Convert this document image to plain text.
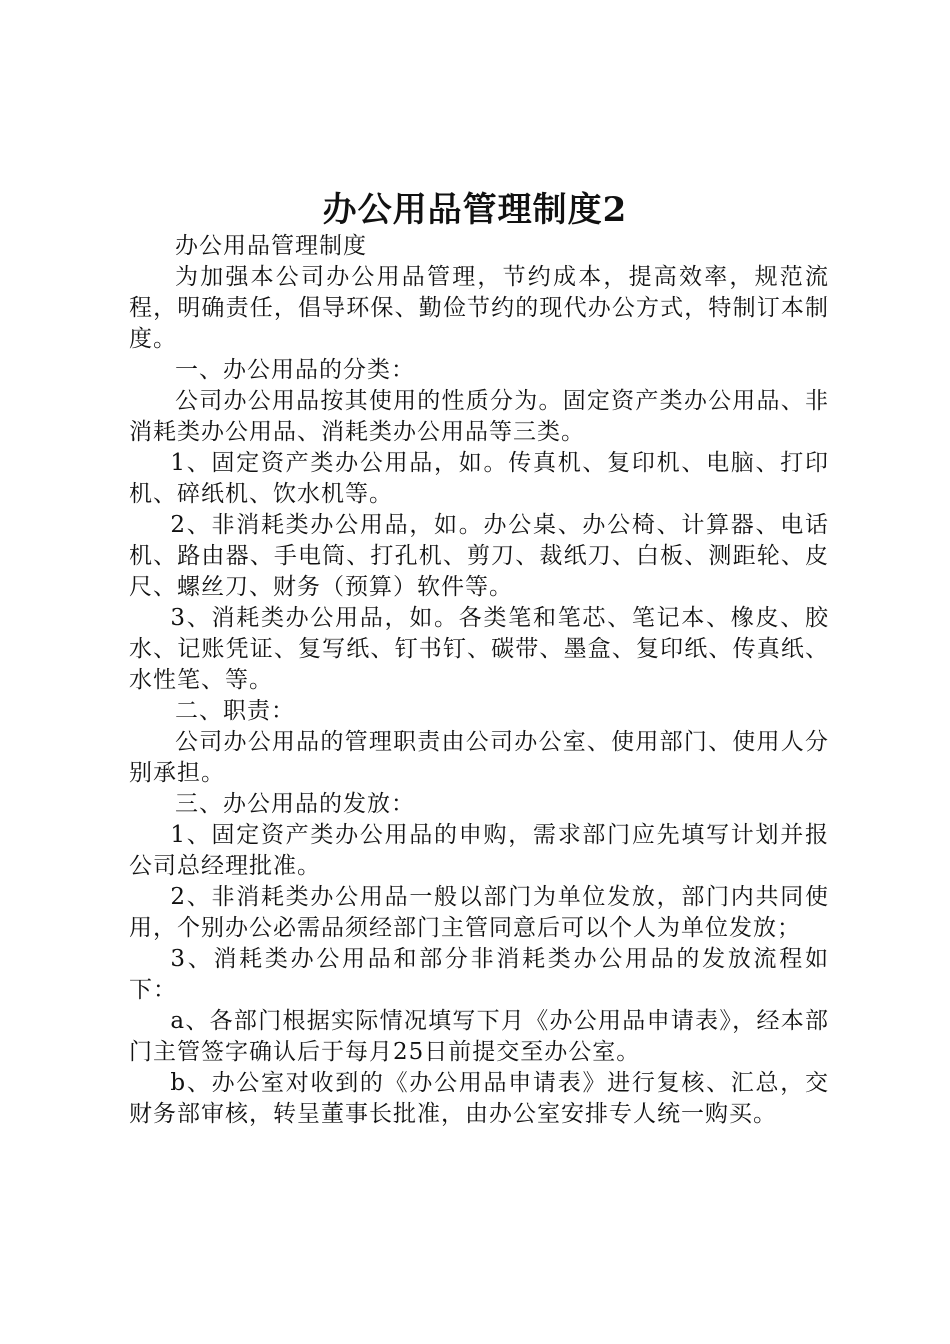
办公用品管理制度2

办公用品管理制度

为加强本公司办公用品管理，节约成本，提高效率，规范流程，明确责任，倡导环保、勤俭节约的现代办公方式，特制订本制度。

一、办公用品的分类：

公司办公用品按其使用的性质分为。固定资产类办公用品、非消耗类办公用品、消耗类办公用品等三类。

1、固定资产类办公用品，如。传真机、复印机、电脑、打印机、碎纸机、饮水机等。

2、非消耗类办公用品，如。办公桌、办公椅、计算器、电话机、路由器、手电筒、打孔机、剪刀、裁纸刀、白板、测距轮、皮尺、螺丝刀、财务（预算）软件等。

3、消耗类办公用品，如。各类笔和笔芯、笔记本、橡皮、胶水、记账凭证、复写纸、钉书钉、碳带、墨盒、复印纸、传真纸、水性笔、等。

二、职责：

公司办公用品的管理职责由公司办公室、使用部门、使用人分别承担。

三、办公用品的发放：

1、固定资产类办公用品的申购，需求部门应先填写计划并报公司总经理批准。

2、非消耗类办公用品一般以部门为单位发放，部门内共同使用，个别办公必需品须经部门主管同意后可以个人为单位发放；

3、消耗类办公用品和部分非消耗类办公用品的发放流程如下：

a、各部门根据实际情况填写下月《办公用品申请表》，经本部门主管签字确认后于每月25日前提交至办公室。

b、办公室对收到的《办公用品申请表》进行复核、汇总，交财务部审核，转呈董事长批准，由办公室安排专人统一购买。
